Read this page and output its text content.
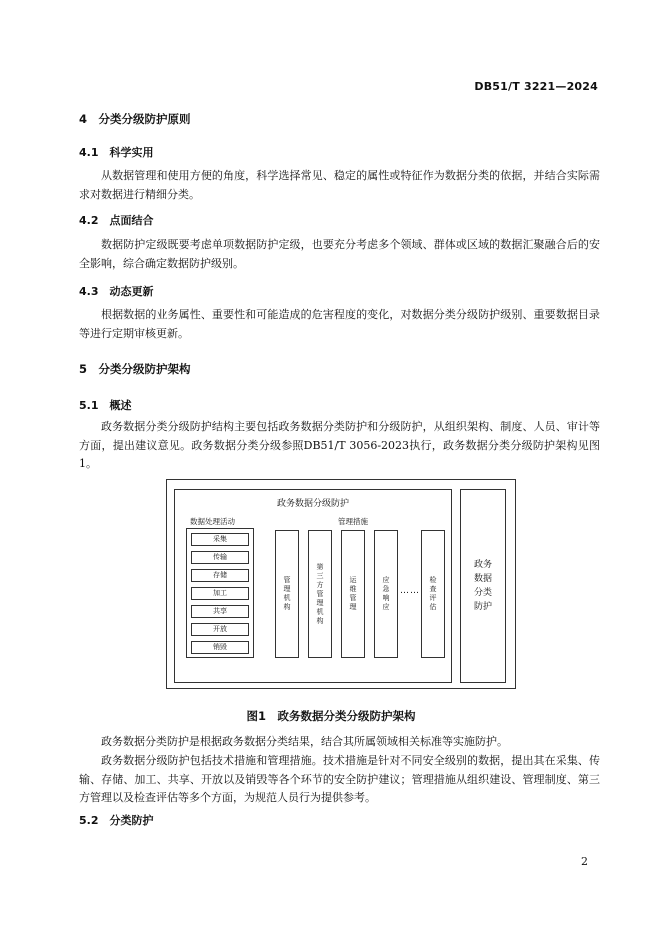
DB51/T 3221—2024
4　分类分级防护原则
4.1　科学实用
从数据管理和使用方便的角度，科学选择常见、稳定的属性或特征作为数据分类的依据，并结合实际需求对数据进行精细分类。
4.2　点面结合
数据防护定级既要考虑单项数据防护定级，也要充分考虑多个领域、群体或区域的数据汇聚融合后的安全影响，综合确定数据防护级别。
4.3　动态更新
根据数据的业务属性、重要性和可能造成的危害程度的变化，对数据分类分级防护级别、重要数据目录等进行定期审核更新。
5　分类分级防护架构
5.1　概述
政务数据分类分级防护结构主要包括政务数据分类防护和分级防护，从组织架构、制度、人员、审计等方面，提出建议意见。政务数据分类分级参照DB51/T 3056-2023执行，政务数据分类分级防护架构见图1。
政务数据分级防护
数据处理活动	管理措施
采集
传输
存储
加工
共享
开放
销毁
管理机构
第三方管理机构
运维管理
应急响应
……
检查评估
政务数据分类防护
图1　政务数据分类分级防护架构
政务数据分类防护是根据政务数据分类结果，结合其所属领域相关标准等实施防护。
政务数据分级防护包括技术措施和管理措施。技术措施是针对不同安全级别的数据，提出其在采集、传输、存储、加工、共享、开放以及销毁等各个环节的安全防护建议；管理措施从组织建设、管理制度、第三方管理以及检查评估等多个方面，为规范人员行为提供参考。
5.2　分类防护
2
